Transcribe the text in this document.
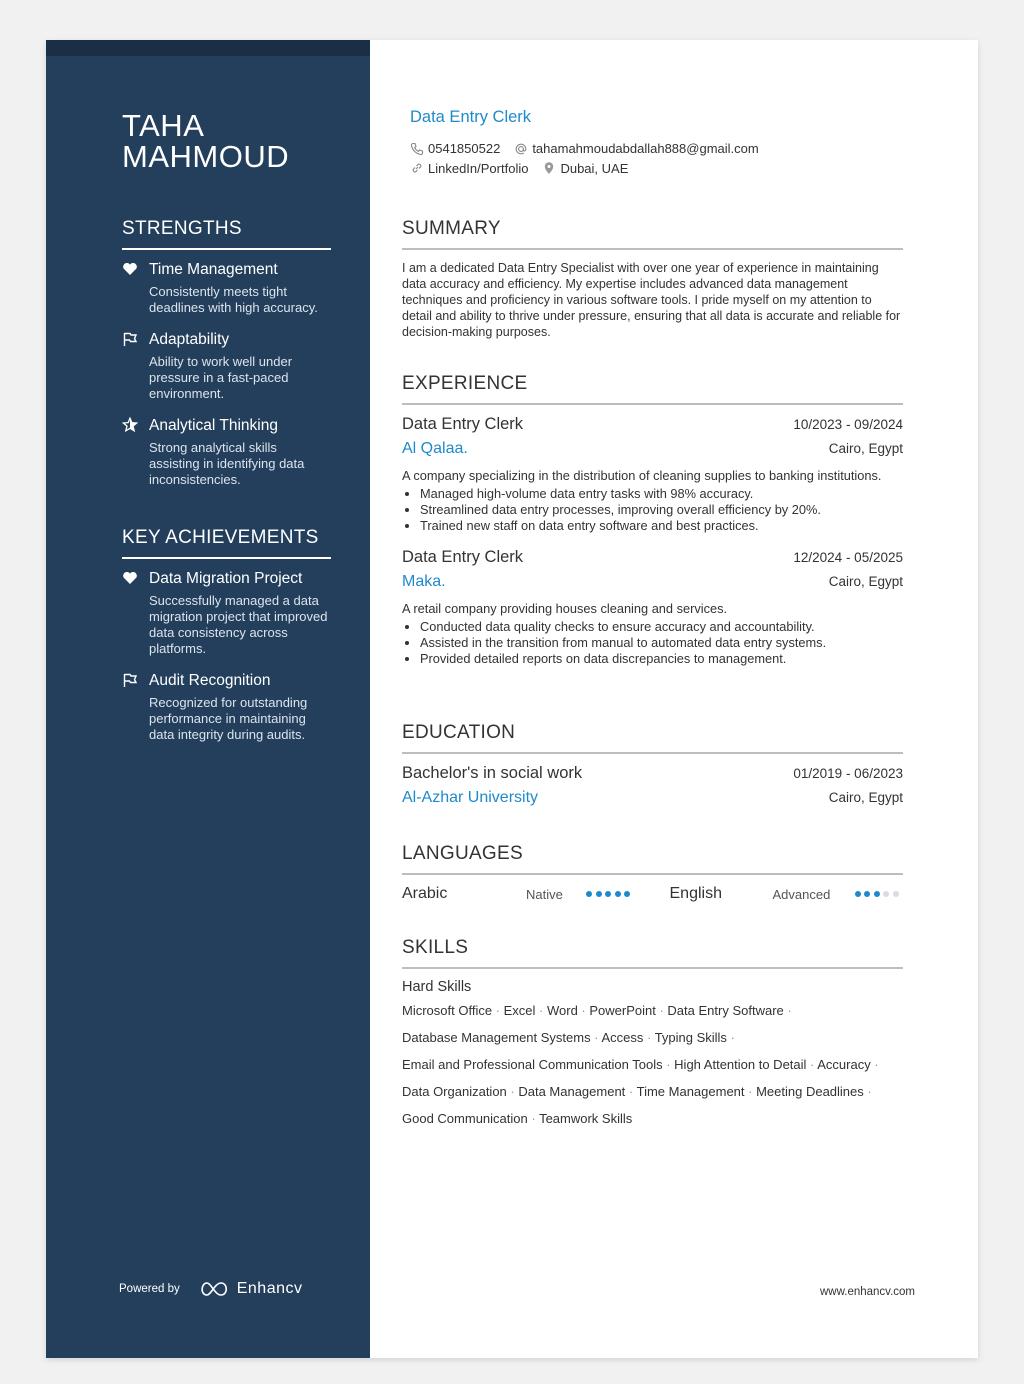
TAHA
MAHMOUD
STRENGTHS
Time Management
Consistently meets tight deadlines with high accuracy.
Adaptability
Ability to work well under pressure in a fast-paced environment.
Analytical Thinking
Strong analytical skills assisting in identifying data inconsistencies.
KEY ACHIEVEMENTS
Data Migration Project
Successfully managed a data migration project that improved data consistency across platforms.
Audit Recognition
Recognized for outstanding performance in maintaining data integrity during audits.
Powered by	Enhancv
Data Entry Clerk
0541850522 tahamahmoudabdallah888@gmail.com
LinkedIn/Portfolio Dubai, UAE
SUMMARY
I am a dedicated Data Entry Specialist with over one year of experience in maintaining data accuracy and efficiency. My expertise includes advanced data management techniques and proficiency in various software tools. I pride myself on my attention to detail and ability to thrive under pressure, ensuring that all data is accurate and reliable for decision-making purposes.
EXPERIENCE
Data Entry Clerk	10/2023 - 09/2024
Al Qalaa.	Cairo, Egypt
A company specializing in the distribution of cleaning supplies to banking institutions.
• Managed high-volume data entry tasks with 98% accuracy.
• Streamlined data entry processes, improving overall efficiency by 20%.
• Trained new staff on data entry software and best practices.
Data Entry Clerk	12/2024 - 05/2025
Maka.	Cairo, Egypt
A retail company providing houses cleaning and services.
• Conducted data quality checks to ensure accuracy and accountability.
• Assisted in the transition from manual to automated data entry systems.
• Provided detailed reports on data discrepancies to management.
EDUCATION
Bachelor's in social work	01/2019 - 06/2023
Al-Azhar University	Cairo, Egypt
LANGUAGES
Arabic	Native	English	Advanced
SKILLS
Hard Skills
Microsoft Office · Excel · Word · PowerPoint · Data Entry Software ·
Database Management Systems · Access · Typing Skills ·
Email and Professional Communication Tools · High Attention to Detail · Accuracy ·
Data Organization · Data Management · Time Management · Meeting Deadlines ·
Good Communication · Teamwork Skills
www.enhancv.com
